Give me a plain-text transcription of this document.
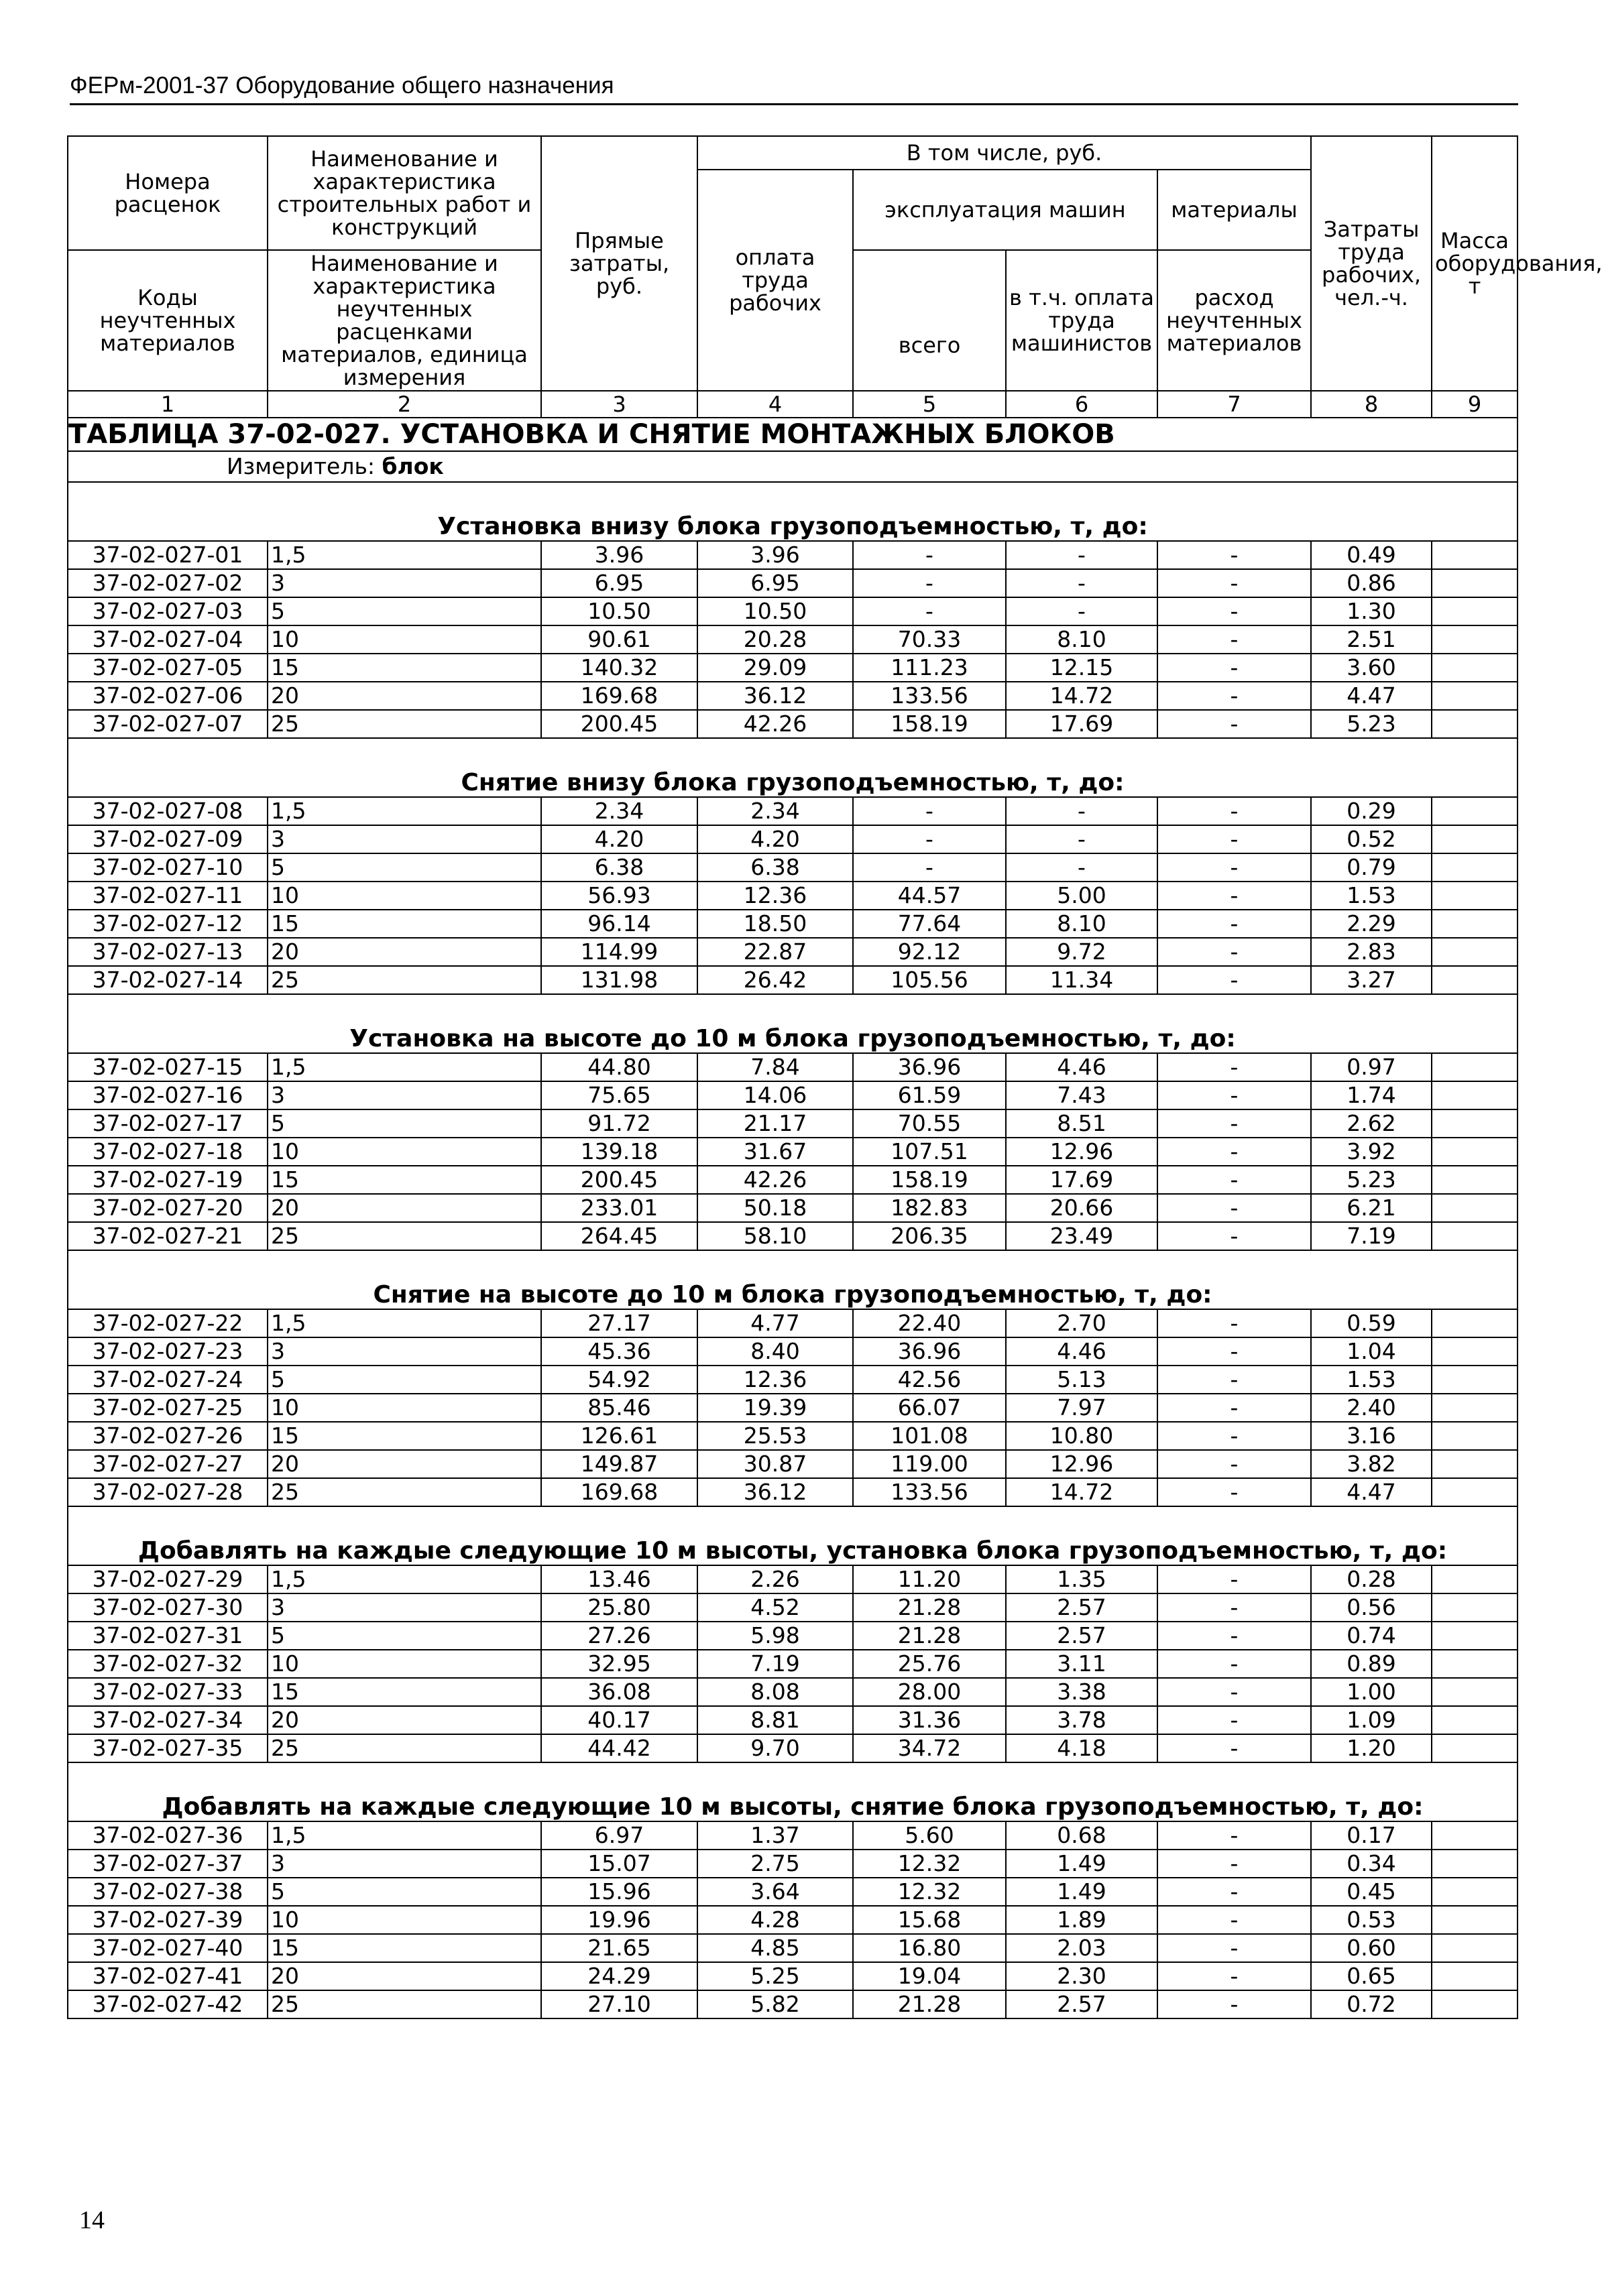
ФЕРм-2001-37 Оборудование общего назначения
Номера расценок	Наименование и характеристика строительных работ и конструкций	Прямые затраты, руб.	В том числе, руб.				Затраты труда рабочих, чел.-ч.	Масса оборудования, т
			оплата труда рабочих	эксплуатация машин		материалы		
Коды неучтенных материалов	Наименование и характеристика неучтенных расценками материалов, единица измерения			всего	в т.ч. оплата труда машинистов	расход неучтенных материалов		

1	2	3	4	5	6	7	8	9
ТАБЛИЦА 37-02-027. УСТАНОВКА И СНЯТИЕ МОНТАЖНЫХ БЛОКОВ								
Измеритель: блок								
Установка внизу блока грузоподъемностью, т, до:								
37-02-027-01	1,5	3.96	3.96	-	-	-	0.49	
37-02-027-02	3	6.95	6.95	-	-	-	0.86	
37-02-027-03	5	10.50	10.50	-	-	-	1.30	
37-02-027-04	10	90.61	20.28	70.33	8.10	-	2.51	
37-02-027-05	15	140.32	29.09	111.23	12.15	-	3.60	
37-02-027-06	20	169.68	36.12	133.56	14.72	-	4.47	
37-02-027-07	25	200.45	42.26	158.19	17.69	-	5.23	
Снятие внизу блока грузоподъемностью, т, до:								
37-02-027-08	1,5	2.34	2.34	-	-	-	0.29	
37-02-027-09	3	4.20	4.20	-	-	-	0.52	
37-02-027-10	5	6.38	6.38	-	-	-	0.79	
37-02-027-11	10	56.93	12.36	44.57	5.00	-	1.53	
37-02-027-12	15	96.14	18.50	77.64	8.10	-	2.29	
37-02-027-13	20	114.99	22.87	92.12	9.72	-	2.83	
37-02-027-14	25	131.98	26.42	105.56	11.34	-	3.27	
Установка на высоте до 10 м блока грузоподъемностью, т, до:								
37-02-027-15	1,5	44.80	7.84	36.96	4.46	-	0.97	
37-02-027-16	3	75.65	14.06	61.59	7.43	-	1.74	
37-02-027-17	5	91.72	21.17	70.55	8.51	-	2.62	
37-02-027-18	10	139.18	31.67	107.51	12.96	-	3.92	
37-02-027-19	15	200.45	42.26	158.19	17.69	-	5.23	
37-02-027-20	20	233.01	50.18	182.83	20.66	-	6.21	
37-02-027-21	25	264.45	58.10	206.35	23.49	-	7.19	
Снятие на высоте до 10 м блока грузоподъемностью, т, до:								
37-02-027-22	1,5	27.17	4.77	22.40	2.70	-	0.59	
37-02-027-23	3	45.36	8.40	36.96	4.46	-	1.04	
37-02-027-24	5	54.92	12.36	42.56	5.13	-	1.53	
37-02-027-25	10	85.46	19.39	66.07	7.97	-	2.40	
37-02-027-26	15	126.61	25.53	101.08	10.80	-	3.16	
37-02-027-27	20	149.87	30.87	119.00	12.96	-	3.82	
37-02-027-28	25	169.68	36.12	133.56	14.72	-	4.47	
Добавлять на каждые следующие 10 м высоты, установка блока грузоподъемностью, т, до:								
37-02-027-29	1,5	13.46	2.26	11.20	1.35	-	0.28	
37-02-027-30	3	25.80	4.52	21.28	2.57	-	0.56	
37-02-027-31	5	27.26	5.98	21.28	2.57	-	0.74	
37-02-027-32	10	32.95	7.19	25.76	3.11	-	0.89	
37-02-027-33	15	36.08	8.08	28.00	3.38	-	1.00	
37-02-027-34	20	40.17	8.81	31.36	3.78	-	1.09	
37-02-027-35	25	44.42	9.70	34.72	4.18	-	1.20	
Добавлять на каждые следующие 10 м высоты, снятие блока грузоподъемностью, т, до:								
37-02-027-36	1,5	6.97	1.37	5.60	0.68	-	0.17	
37-02-027-37	3	15.07	2.75	12.32	1.49	-	0.34	
37-02-027-38	5	15.96	3.64	12.32	1.49	-	0.45	
37-02-027-39	10	19.96	4.28	15.68	1.89	-	0.53	
37-02-027-40	15	21.65	4.85	16.80	2.03	-	0.60	
37-02-027-41	20	24.29	5.25	19.04	2.30	-	0.65	
37-02-027-42	25	27.10	5.82	21.28	2.57	-	0.72	
14
